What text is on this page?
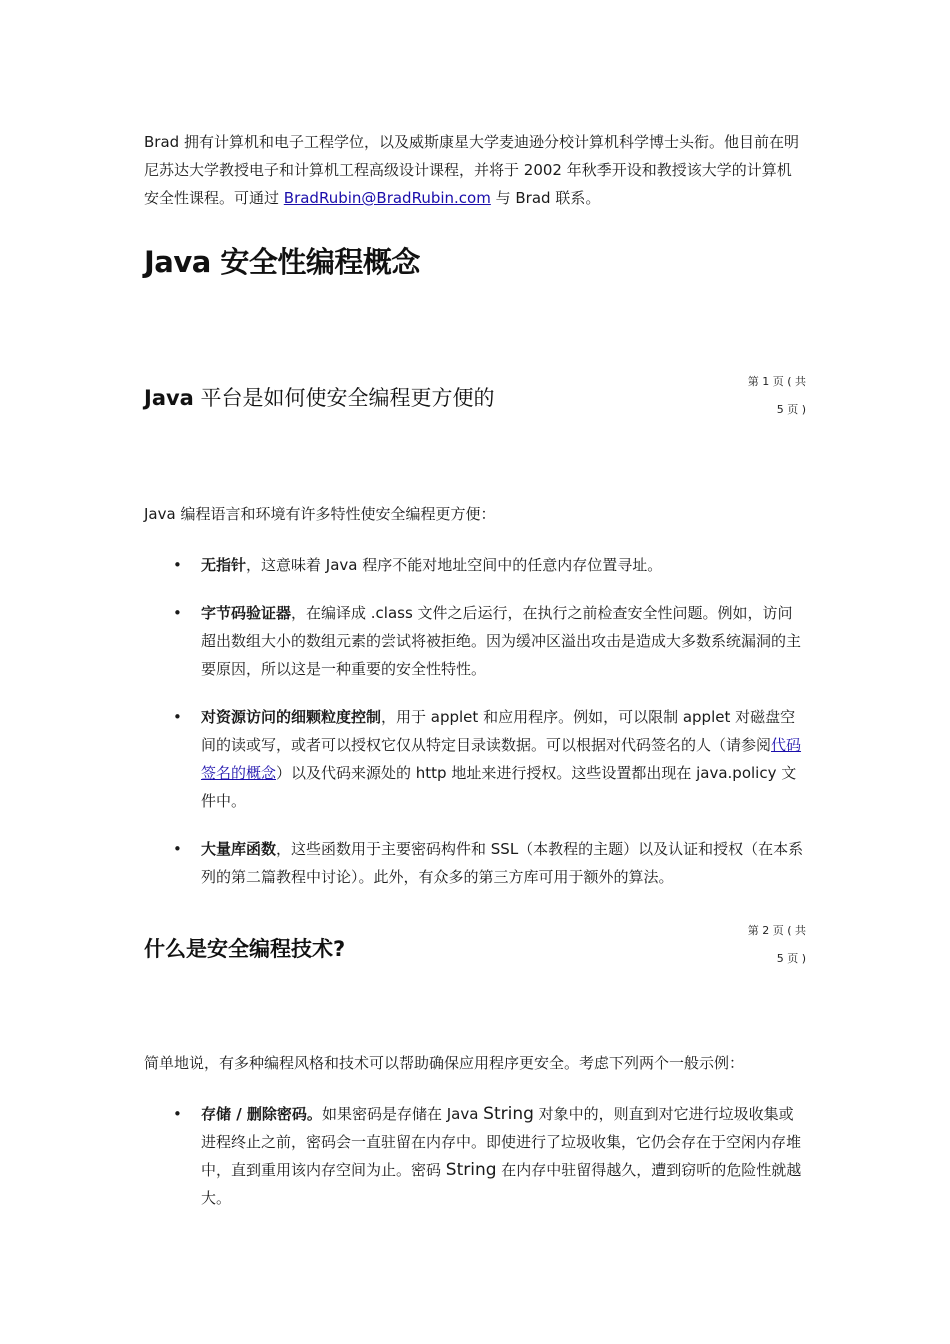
Brad 拥有计算机和电子工程学位，以及威斯康星大学麦迪逊分校计算机科学博士头衔。他目前在明尼苏达大学教授电子和计算机工程高级设计课程，并将于 2002 年秋季开设和教授该大学的计算机安全性课程。可通过 BradRubin@BradRubin.com 与 Brad 联系。

Java 安全性编程概念
Java 平台是如何使安全编程更方便的
第 1 页 ( 共
5 页 )

Java 编程语言和环境有许多特性使安全编程更方便：

• 无指针，这意味着 Java 程序不能对地址空间中的任意内存位置寻址。
• 字节码验证器，在编译成 .class 文件之后运行，在执行之前检查安全性问题。例如，访问超出数组大小的数组元素的尝试将被拒绝。因为缓冲区溢出攻击是造成大多数系统漏洞的主要原因，所以这是一种重要的安全性特性。
• 对资源访问的细颗粒度控制，用于 applet 和应用程序。例如，可以限制 applet 对磁盘空间的读或写，或者可以授权它仅从特定目录读数据。可以根据对代码签名的人（请参阅代码签名的概念）以及代码来源处的 http 地址来进行授权。这些设置都出现在 java.policy 文件中。
• 大量库函数，这些函数用于主要密码构件和 SSL（本教程的主题）以及认证和授权（在本系列的第二篇教程中讨论）。此外，有众多的第三方库可用于额外的算法。
什么是安全编程技术?
第 2 页 ( 共
5 页 )

简单地说，有多种编程风格和技术可以帮助确保应用程序更安全。考虑下列两个一般示例：

• 存储 / 删除密码。如果密码是存储在 Java String 对象中的，则直到对它进行垃圾收集或进程终止之前，密码会一直驻留在内存中。即使进行了垃圾收集，它仍会存在于空闲内存堆中，直到重用该内存空间为止。密码 String 在内存中驻留得越久，遭到窃听的危险性就越大。
